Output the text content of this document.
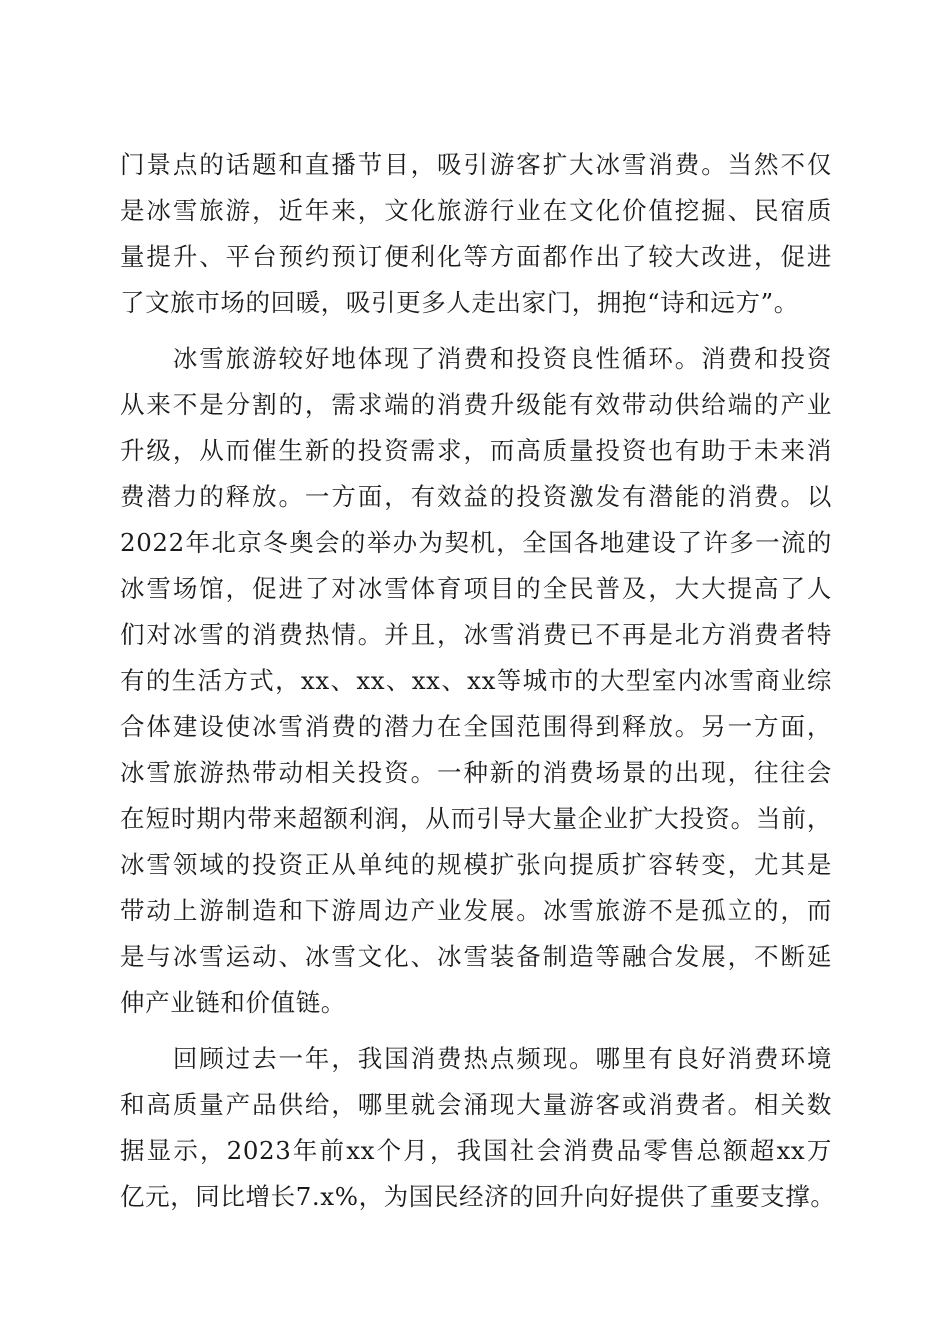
门景点的话题和直播节目，吸引游客扩大冰雪消费。当然不仅
是冰雪旅游，近年来，文化旅游行业在文化价值挖掘、民宿质
量提升、平台预约预订便利化等方面都作出了较大改进，促进
了文旅市场的回暖，吸引更多人走出家门，拥抱“诗和远方”。
　　冰雪旅游较好地体现了消费和投资良性循环。消费和投资
从来不是分割的，需求端的消费升级能有效带动供给端的产业
升级，从而催生新的投资需求，而高质量投资也有助于未来消
费潜力的释放。一方面，有效益的投资激发有潜能的消费。以
2022年北京冬奥会的举办为契机，全国各地建设了许多一流的
冰雪场馆，促进了对冰雪体育项目的全民普及，大大提高了人
们对冰雪的消费热情。并且，冰雪消费已不再是北方消费者特
有的生活方式，xx、xx、xx、xx等城市的大型室内冰雪商业综
合体建设使冰雪消费的潜力在全国范围得到释放。另一方面，
冰雪旅游热带动相关投资。一种新的消费场景的出现，往往会
在短时期内带来超额利润，从而引导大量企业扩大投资。当前，
冰雪领域的投资正从单纯的规模扩张向提质扩容转变，尤其是
带动上游制造和下游周边产业发展。冰雪旅游不是孤立的，而
是与冰雪运动、冰雪文化、冰雪装备制造等融合发展，不断延
伸产业链和价值链。
　　回顾过去一年，我国消费热点频现。哪里有良好消费环境
和高质量产品供给，哪里就会涌现大量游客或消费者。相关数
据显示，2023年前xx个月，我国社会消费品零售总额超xx万
亿元，同比增长7.x%，为国民经济的回升向好提供了重要支撑。
